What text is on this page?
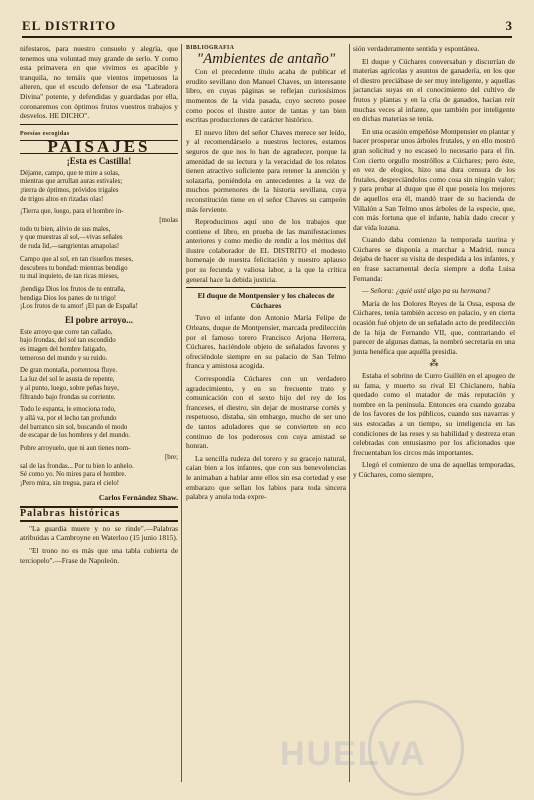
EL DISTRITO	3

nifestaros, para nuestro consuelo y alegría, que tenemos una voluntad muy grande de serlo. Y como esta primavera en que vivimos es apacible y tranquila, no temáis que vientos impetuosos la alteren, que el escudo defensor de esa "Labradora Divina" potente, y defendidas y guardadas por ella, coronaremos con óptimos frutos vuestros trabajos y desvelos. HE DICHO".

Poesías escogidas
PAISAJES
¡Esta es Castilla!

Déjame, campo, que te mire a solas,

mientras que arrullan auras estivales;

¡tierra de óptimos, próvidos trigales

de trigos altos en rizadas olas!

¡Tierra que, luego, para el hombre in-

[molas

todo tu bien, alivio de sus males,

y que muestras al sol,—vivas señales

de ruda lid,—sangrientas amapolas!

Campo que al sol, en tan risueños meses,

descubres tu bondad: mientras bendigo

tu mal inquieto, de tan ricas mieses,

¡bendiga Dios los frutos de tu entraña,

bendiga Dios los panes de tu trigo!

¡Los frutos de tu amor! ¡El pan de España!

El pobre arroyo...

Este arroyo que corre tan callado,

bajo frondas, del sol tan escondido

es imagen del hombre fatigado,

temeroso del mundo y su ruido.

De gran montaña, portentosa fluye.

La luz del sol le asusta de repente,

y al punto, luego, sobre peñas huye,

filtrando bajo frondas su corriente.

Todo le espanta, le emociona todo,

y allá va, por el lecho tan profundo

del barranco sin sol, buscando el modo

de escapar de los hombres y del mundo.

Pobre arroyuelo, que ni aun tienes nom-

[bre;

sal de las frondas... Por tu bien lo anhelo.

Sé como yo. No mires para el hombre.

¡Pero mira, sin tregua, para el cielo!

Carlos Fernández Shaw.

Palabras históricas

"La guardia muere y no se rinde".—Palabras atribuidas a Cambroyne en Waterloo (15 junio 1815).

"El trono no es más que una tabla cubierta de terciopelo".—Frase de Napoleón.

BIBLIOGRAFIA
"Ambientes de antaño"

Con el precedente título acaba de publicar el erudito sevillano don Manuel Chaves, un interesante libro, en cuyas páginas se reflejan curiosísimos momentos de la vida pasada, cuyo secreto posee como pocos el ilustre autor de tantas y tan bien escritas producciones de carácter histórico.

El nuevo libro del señor Chaves merece ser leído, y al recomendárselo a nuestros lectores, estamos seguros de que nos lo han de agradecer, porque la amenidad de su lectura y la veracidad de los relatos tienen atractivo suficiente para retener la atención y solazarla, poniéndola en antecedentes a la vez de muchos pormenores de la historia sevillana, cuya reconstitución tiene en el señor Chaves su campeón más ferviente.

Reproducimos aquí uno de los trabajos que contiene el libro, en prueba de las manifestaciones anteriores y como medio de rendir a los méritos del ilustre colaborador de EL DISTRITO el modesto homenaje de nuestra felicitación y nuestro aplauso por su fecunda y valiosa labor, a la que la crítica general hace la debida justicia.

El duque de Montpensier y los chalecos de Cúchares

Tuvo el infante don Antonio María Felipe de Orleans, duque de Montpensier, marcada predilección por el famoso torero Francisco Arjona Herrera, Cúchares, haciéndole objeto de señalados favores y ofreciéndole siempre en su palacio de San Telmo franca y amistosa acogida.

Correspondía Cúchares con un verdadero agradecimiento, y en su frecuente trato y comunicación con el sexto hijo del rey de los franceses, el diestro, sin dejar de mostrarse cortés y respetuoso, distaba, sin embargo, mucho de ser uno de tantos aduladores que se convierten en eco continuo de los poderosos con cuya amistad se honran.

La sencilla rudeza del torero y su gracejo natural, caían bien a los infantes, que con sus benevolencias le animaban a hablar ante ellos sin esa cortedad y ese embarazo que sellan los labios para toda sincera palabra y anula toda expre-

sión verdaderamente sentida y espontánea.

El duque y Cúchares conversaban y discurrían de materias agrícolas y asuntos de ganadería, en los que el diestro preciábase de ser muy inteligente, y aquellas jactancias suyas en el conocimiento del cultivo de frutos y plantas y en la cría de ganados, hacían reír muchas veces al infante, que también por inteligente en dichas materias se tenía.

En una ocasión empeñóse Montpensier en plantar y hacer prosperar unos árboles frutales, y en ello mostró gran solicitud y no escaseó lo necesario para el fin. Con cierto orgullo mostróllos a Cúchares; pero éste, en vez de elogios, hizo una dura censura de los frutales, despreciándolos como cosa sin ningún valor; y para probar al duque que él que poseía los mejores de aquellos era él, mandó traer de su hacienda de Villalón a San Telmo unos árboles de la especie, que, con más fortuna que el infante, había dado crecer y dar vida lozana.

Cuando daba comienzo la temporada taurina y Cúchares se disponía a marchar a Madrid, nunca dejaba de hacer su visita de despedida a los infantes, y en frase sacramental decía siempre a doña Luisa Fernanda:

— Señora: ¿quié usté algo pa su hermana?

María de los Dolores Reyes de la Ossa, esposa de Cúchares, tenía también acceso en palacio, y en cierta ocasión fué objeto de un señalado acto de predilección de la hija de Fernando VII, que, contrariando el parecer de algunas damas, la nombró secretaria en una junta benéfica que aquélla presidía.

⁂

Estaba el sobrino de Curro Guillén en el apogeo de su fama, y muerto su rival El Chiclanero, había quedado como el matador de más reputación y nombre en la península. Entonces era cuando gozaba de los favores de los públicos, cuando sus navarras y sus estocadas a un tiempo, su inteligencia en las condiciones de las reses y su habilidad y destreza eran celebradas con entusiasmo por los aficionados que frecuentaban los circos más importantes.

Llegó el comienzo de una de aquellas temporadas, y Cúchares, como siempre,

HUELVA
